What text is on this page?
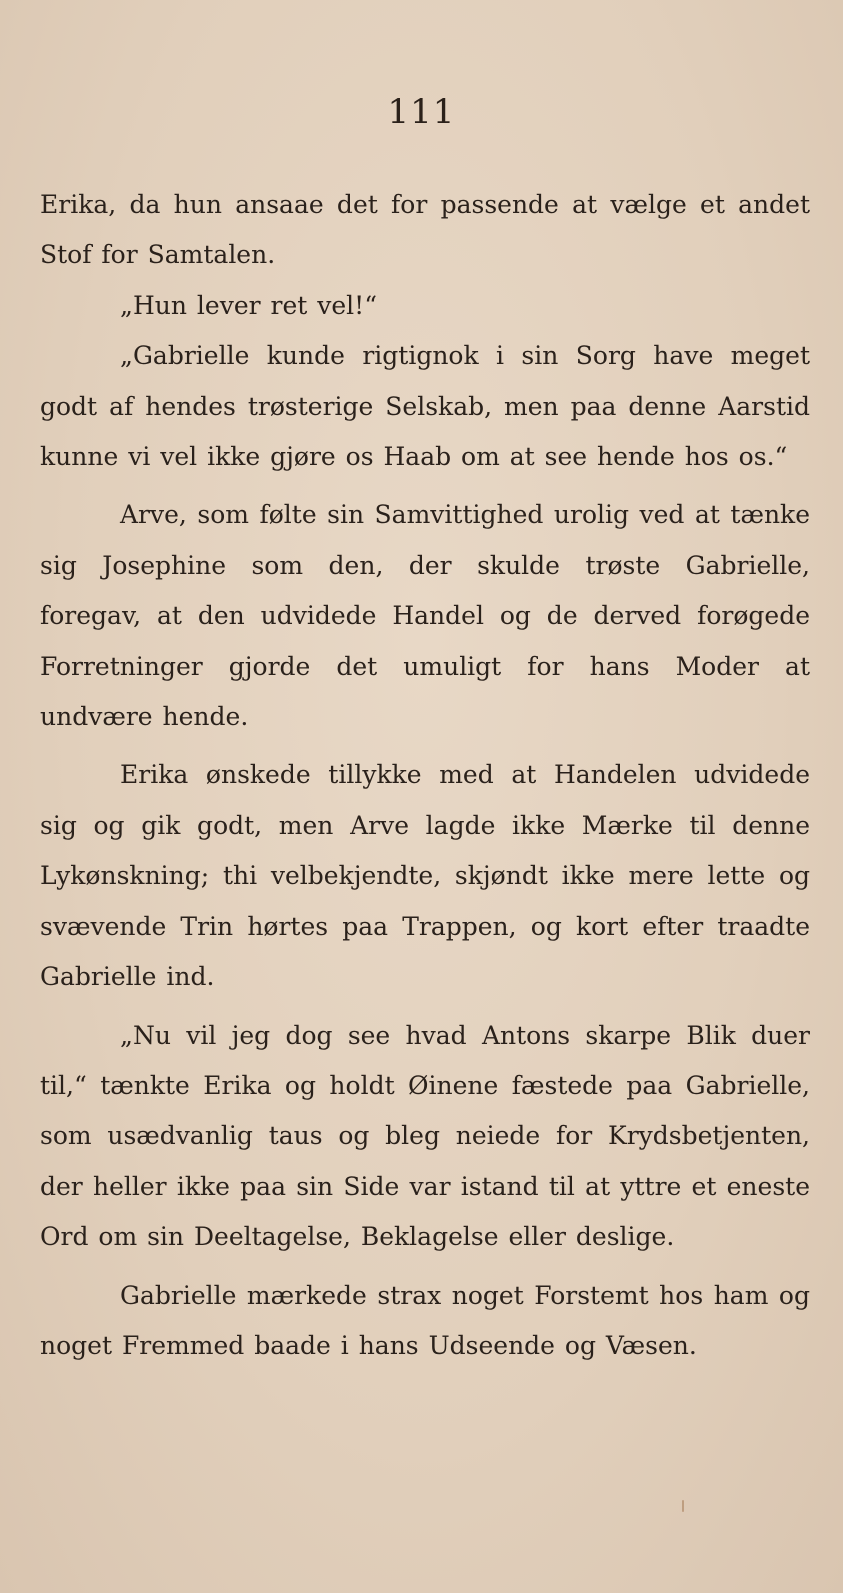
111

Erika, da hun ansaae det for passende at vælge et andet Stof for Samtalen.

„Hun lever ret vel!“

„Gabrielle kunde rigtignok i sin Sorg have meget godt af hendes trøsterige Selskab, men paa denne Aarstid kunne vi vel ikke gjøre os Haab om at see hende hos os.“

Arve, som følte sin Samvittighed urolig ved at tænke sig Josephine som den, der skulde trøste Gabrielle, foregav, at den udvidede Handel og de derved forøgede Forretninger gjorde det umuligt for hans Moder at undvære hende.

Erika ønskede tillykke med at Handelen udvidede sig og gik godt, men Arve lagde ikke Mærke til denne Lykønskning; thi velbekjendte, skjøndt ikke mere lette og svævende Trin hørtes paa Trappen, og kort efter traadte Gabrielle ind.

„Nu vil jeg dog see hvad Antons skarpe Blik duer til,“ tænkte Erika og holdt Øinene fæstede paa Gabrielle, som usædvanlig taus og bleg neiede for Krydsbetjenten, der heller ikke paa sin Side var istand til at yttre et eneste Ord om sin Deeltagelse, Beklagelse eller deslige.

Gabrielle mærkede strax noget Forstemt hos ham og noget Fremmed baade i hans Udseende og Væsen.
